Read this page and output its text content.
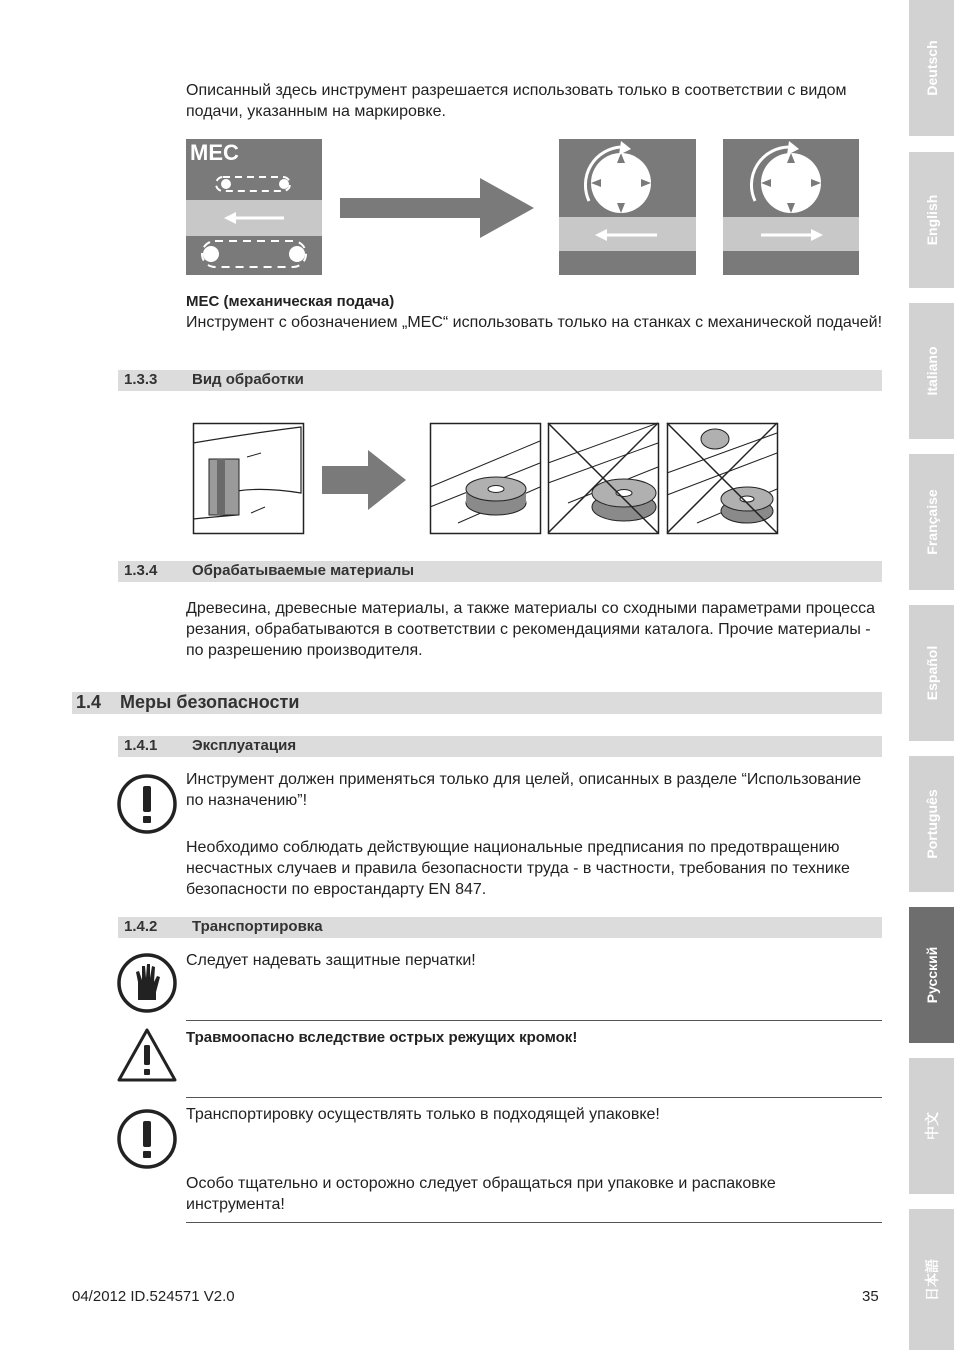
Описанный здесь инструмент разрешается использовать только в соответствии с видом подачи, указанным на маркировке.
MEC
MEC (механическая подача)
Инструмент с обозначением „MEC“ использовать только на станках с механической подачей!
1.3.3 Вид обработки
1.3.4 Обрабатываемые материалы
Древесина, древесные материалы, а также материалы со сходными параметрами процесса резания, обрабатываются в соответствии с рекомендациями каталога. Прочие материалы - по разрешению производителя.
1.4 Меры безопасности
1.4.1 Эксплуатация
Инструмент должен применяться только для целей, описанных в разделе “Использование по назначению”!
Необходимо соблюдать действующие национальные предписания по предотвращению несчастных случаев и правила безопасности труда - в частности, требования по технике безопасности по евростандарту EN 847.
1.4.2 Транспортировка
Следует надевать защитные перчатки!
Травмоопасно вследствие острых режущих кромок!
Транспортировку осуществлять только в подходящей упаковке!
Особо тщательно и осторожно следует обращаться при упаковке и распаковке инструмента!
04/2012 ID.524571 V2.0	35
Deutsch
English
Italiano
Française
Español
Português
Русский
中文
日本語
